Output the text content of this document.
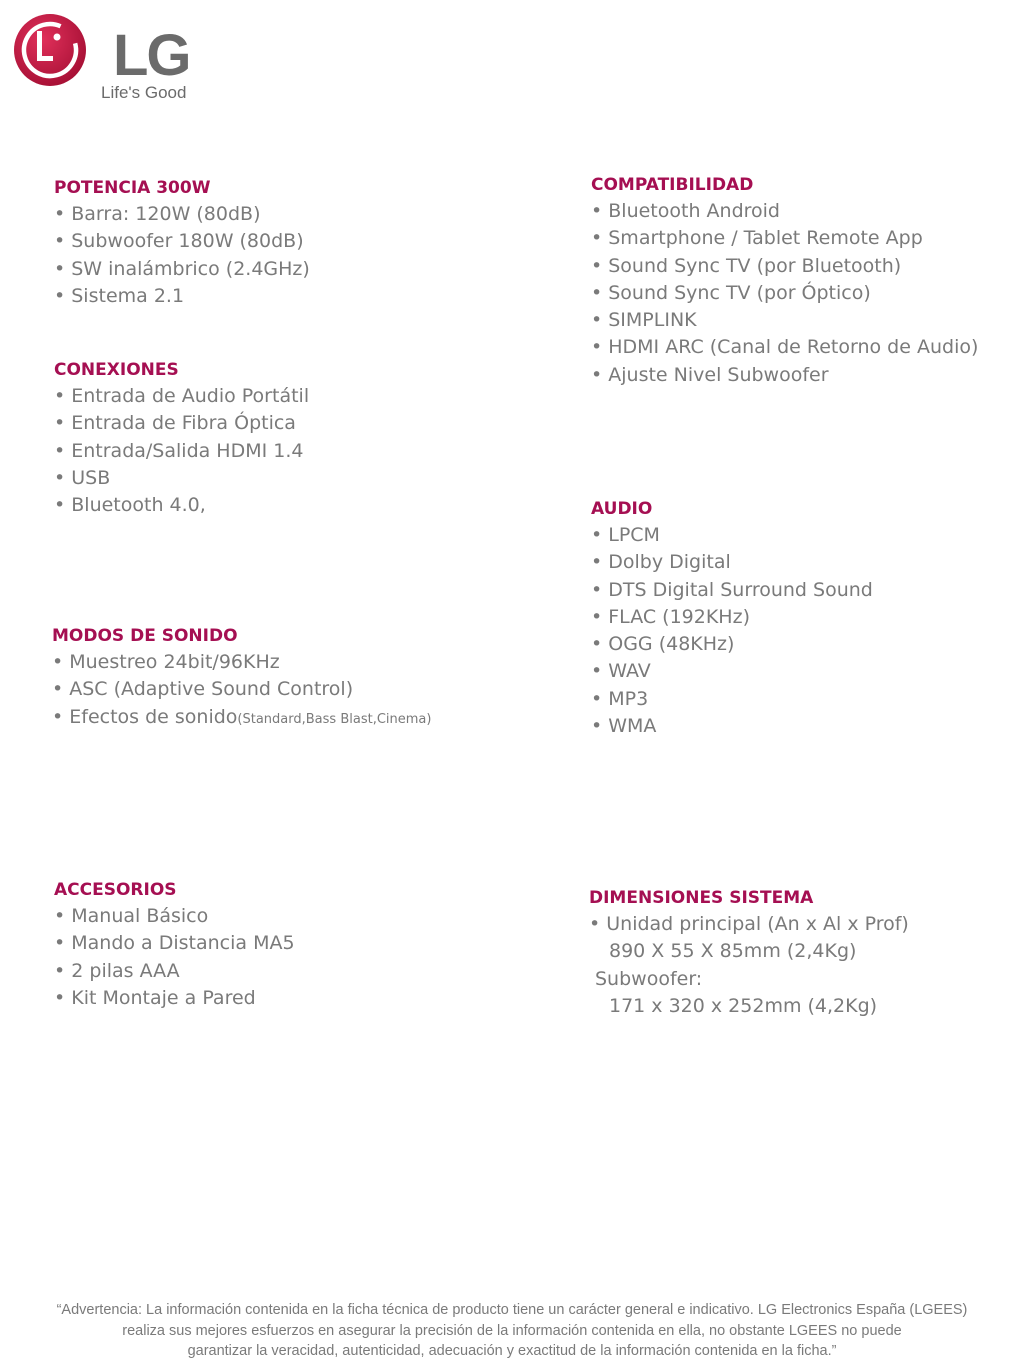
LG
Life's Good
POTENCIA 300W
• Barra: 120W (80dB)
• Subwoofer 180W (80dB)
• SW inalámbrico (2.4GHz)
• Sistema 2.1
CONEXIONES
• Entrada de Audio Portátil
• Entrada de Fibra Óptica
• Entrada/Salida HDMI 1.4
• USB
• Bluetooth 4.0,
MODOS DE SONIDO
• Muestreo 24bit/96KHz
• ASC (Adaptive Sound Control)
• Efectos de sonido(Standard,Bass Blast,Cinema)
COMPATIBILIDAD
• Bluetooth Android
• Smartphone / Tablet Remote App
• Sound Sync TV (por Bluetooth)
• Sound Sync TV (por Óptico)
• SIMPLINK
• HDMI ARC (Canal de Retorno de Audio)
• Ajuste Nivel Subwoofer
AUDIO
• LPCM
• Dolby Digital
• DTS Digital Surround Sound
• FLAC (192KHz)
• OGG (48KHz)
• WAV
• MP3
• WMA
ACCESORIOS
• Manual Básico
• Mando a Distancia MA5
• 2 pilas AAA
• Kit Montaje a Pared
DIMENSIONES SISTEMA
• Unidad principal (An x Al x Prof)

890 X 55 X 85mm (2,4Kg)

Subwoofer:

171 x 320 x 252mm (4,2Kg)

“Advertencia: La información contenida en la ficha técnica de producto tiene un carácter general e indicativo. LG Electronics España (LGEES)

realiza sus mejores esfuerzos en asegurar la precisión de la información contenida en ella, no obstante LGEES no puede

garantizar la veracidad, autenticidad, adecuación y exactitud de la información contenida en la ficha.”
